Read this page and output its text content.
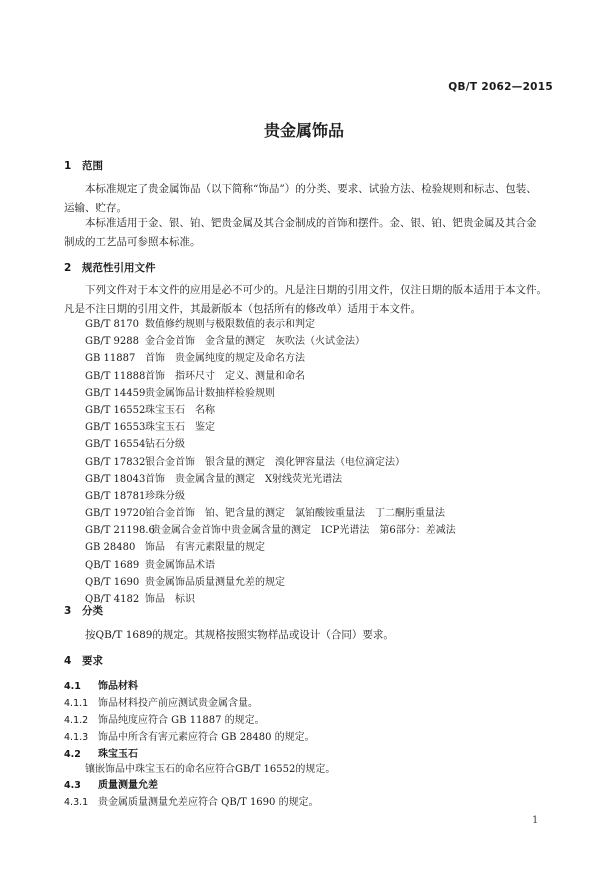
QB/T 2062—2015
贵金属饰品
1 范围
本标准规定了贵金属饰品（以下简称“饰品”）的分类、要求、试验方法、检验规则和标志、包装、
运输、贮存。
本标准适用于金、银、铂、钯贵金属及其合金制成的首饰和摆件。金、银、铂、钯贵金属及其合金
制成的工艺品可参照本标准。
2 规范性引用文件
下列文件对于本文件的应用是必不可少的。凡是注日期的引用文件，仅注日期的版本适用于本文件。
凡是不注日期的引用文件，其最新版本（包括所有的修改单）适用于本文件。
GB/T 8170 数值修约规则与极限数值的表示和判定
GB/T 9288 金合金首饰　金含量的测定　灰吹法（火试金法）
GB 11887 首饰　贵金属纯度的规定及命名方法
GB/T 11888首饰　指环尺寸　定义、测量和命名
GB/T 14459贵金属饰品计数抽样检验规则
GB/T 16552珠宝玉石　名称
GB/T 16553珠宝玉石　鉴定
GB/T 16554钻石分级
GB/T 17832银合金首饰　银含量的测定　溴化钾容量法（电位滴定法）
GB/T 18043首饰　贵金属含量的测定　X射线荧光光谱法
GB/T 18781珍珠分级
GB/T 19720铂合金首饰　铂、钯含量的测定　氯铂酸铵重量法　丁二酮肟重量法
GB/T 21198.6贵金属合金首饰中贵金属含量的测定　ICP光谱法　第6部分：差减法
GB 28480 饰品　有害元素限量的规定
QB/T 1689 贵金属饰品术语
QB/T 1690 贵金属饰品质量测量允差的规定
QB/T 4182 饰品　标识
3 分类
按QB/T 1689的规定。其规格按照实物样品或设计（合同）要求。
4 要求
4.1 饰品材料
4.1.1 饰品材料投产前应测试贵金属含量。
4.1.2 饰品纯度应符合 GB 11887 的规定。
4.1.3 饰品中所含有害元素应符合 GB 28480 的规定。
4.2 珠宝玉石
镶嵌饰品中珠宝玉石的命名应符合GB/T 16552的规定。
4.3 质量测量允差
4.3.1 贵金属质量测量允差应符合 QB/T 1690 的规定。
1
